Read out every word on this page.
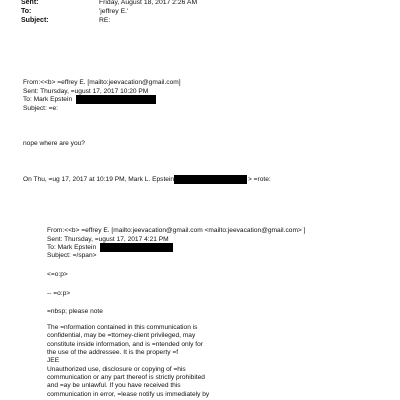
Sent:	Friday, August 18, 2017 2:26 AM
To:	'jeffrey E.'
Subject:	RE:
From:<<b> =effrey E. [mailto:jeevacation@gmail.com]
Sent: Thursday, =ugust 17, 2017 10:20 PM
To: Mark Epstein
Subject: =e:
nope where are you?
On Thu, =ug 17, 2017 at 10:19 PM, Mark L. Epstein	> =rote:
From:<<b> =effrey E. [mailto:jeevacation@gmail.com <mailto:jeevacation@gmail.com> ]
Sent: Thursday, =ugust 17, 2017 4:21 PM
To: Mark Epstein
Subject: =/span>
<=o:p>
-- =o:p>
=nbsp; please note
The =nformation contained in this communication is
confidential, may be =ttorney-client privileged, may
constitute inside information, and is =ntended only for
the use of the addressee. It is the property =f
JEE
Unauthorized use, disclosure or copying of =his
communication or any part thereof is strictly prohibited
and =ay be unlawful. If you have received this
communication in error, =lease notify us immediately by
